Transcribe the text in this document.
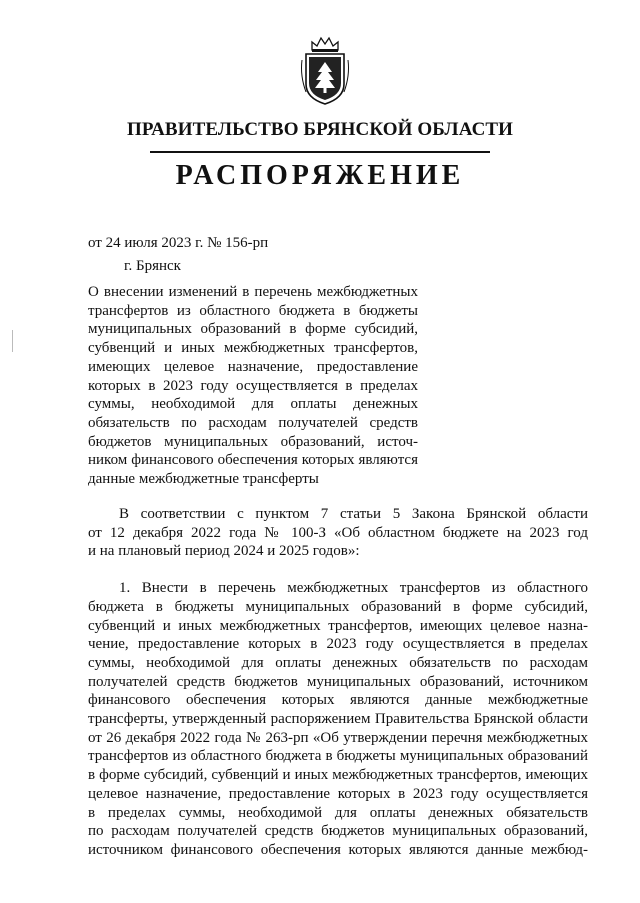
ПРАВИТЕЛЬСТВО БРЯНСКОЙ ОБЛАСТИ
РАСПОРЯЖЕНИЕ
от 24 июля 2023 г. № 156-рп
г. Брянск
О внесении изменений в перечень межбюджетных
трансфертов из областного бюджета в бюджеты
муниципальных образований в форме субсидий,
субвенций и иных межбюджетных трансфертов,
имеющих целевое назначение, предоставление
которых в 2023 году осуществляется в пределах
суммы, необходимой для оплаты денежных
обязательств по расходам получателей средств
бюджетов муниципальных образований, источ-
ником финансового обеспечения которых являются
данные межбюджетные трансферты
В соответствии с пунктом 7 статьи 5 Закона Брянской области
от 12 декабря 2022 года № 100-З «Об областном бюджете на 2023 год
и на плановый период 2024 и 2025 годов»:
1. Внести в перечень межбюджетных трансфертов из областного
бюджета в бюджеты муниципальных образований в форме субсидий,
субвенций и иных межбюджетных трансфертов, имеющих целевое назна-
чение, предоставление которых в 2023 году осуществляется в пределах
суммы, необходимой для оплаты денежных обязательств по расходам
получателей средств бюджетов муниципальных образований, источником
финансового обеспечения которых являются данные межбюджетные
трансферты, утвержденный распоряжением Правительства Брянской области
от 26 декабря 2022 года № 263-рп «Об утверждении перечня межбюджетных
трансфертов из областного бюджета в бюджеты муниципальных образований
в форме субсидий, субвенций и иных межбюджетных трансфертов, имеющих
целевое назначение, предоставление которых в 2023 году осуществляется
в пределах суммы, необходимой для оплаты денежных обязательств
по расходам получателей средств бюджетов муниципальных образований,
источником финансового обеспечения которых являются данные межбюд-
